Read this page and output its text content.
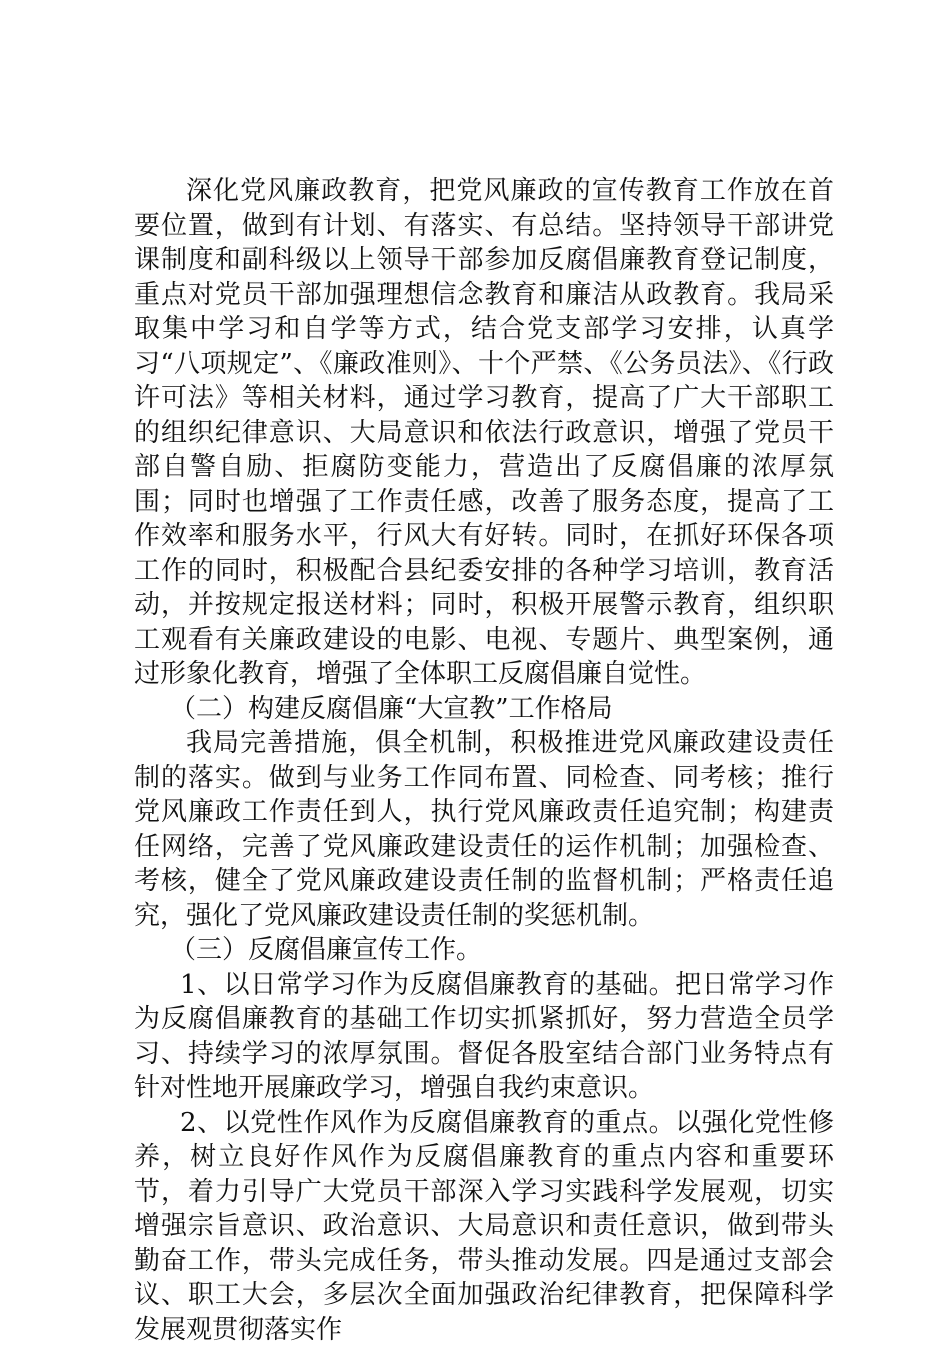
深化党风廉政教育，把党风廉政的宣传教育工作放在首要位置，做到有计划、有落实、有总结。坚持领导干部讲党课制度和副科级以上领导干部参加反腐倡廉教育登记制度，重点对党员干部加强理想信念教育和廉洁从政教育。我局采取集中学习和自学等方式，结合党支部学习安排，认真学习“八项规定”、《廉政准则》、十个严禁、《公务员法》、《行政许可法》等相关材料，通过学习教育，提高了广大干部职工的组织纪律意识、大局意识和依法行政意识，增强了党员干部自警自励、拒腐防变能力，营造出了反腐倡廉的浓厚氛围；同时也增强了工作责任感，改善了服务态度，提高了工作效率和服务水平，行风大有好转。同时，在抓好环保各项工作的同时，积极配合县纪委安排的各种学习培训，教育活动，并按规定报送材料；同时，积极开展警示教育，组织职工观看有关廉政建设的电影、电视、专题片、典型案例，通过形象化教育，增强了全体职工反腐倡廉自觉性。

（二）构建反腐倡廉“大宣教”工作格局

我局完善措施，俱全机制，积极推进党风廉政建设责任制的落实。做到与业务工作同布置、同检查、同考核；推行党风廉政工作责任到人，执行党风廉政责任追究制；构建责任网络，完善了党风廉政建设责任的运作机制；加强检查、考核，健全了党风廉政建设责任制的监督机制；严格责任追究，强化了党风廉政建设责任制的奖惩机制。

（三）反腐倡廉宣传工作。

1、以日常学习作为反腐倡廉教育的基础。把日常学习作为反腐倡廉教育的基础工作切实抓紧抓好，努力营造全员学习、持续学习的浓厚氛围。督促各股室结合部门业务特点有针对性地开展廉政学习，增强自我约束意识。

2、以党性作风作为反腐倡廉教育的重点。以强化党性修养，树立良好作风作为反腐倡廉教育的重点内容和重要环节，着力引导广大党员干部深入学习实践科学发展观，切实增强宗旨意识、政治意识、大局意识和责任意识，做到带头勤奋工作，带头完成任务，带头推动发展。四是通过支部会议、职工大会，多层次全面加强政治纪律教育，把保障科学发展观贯彻落实作
